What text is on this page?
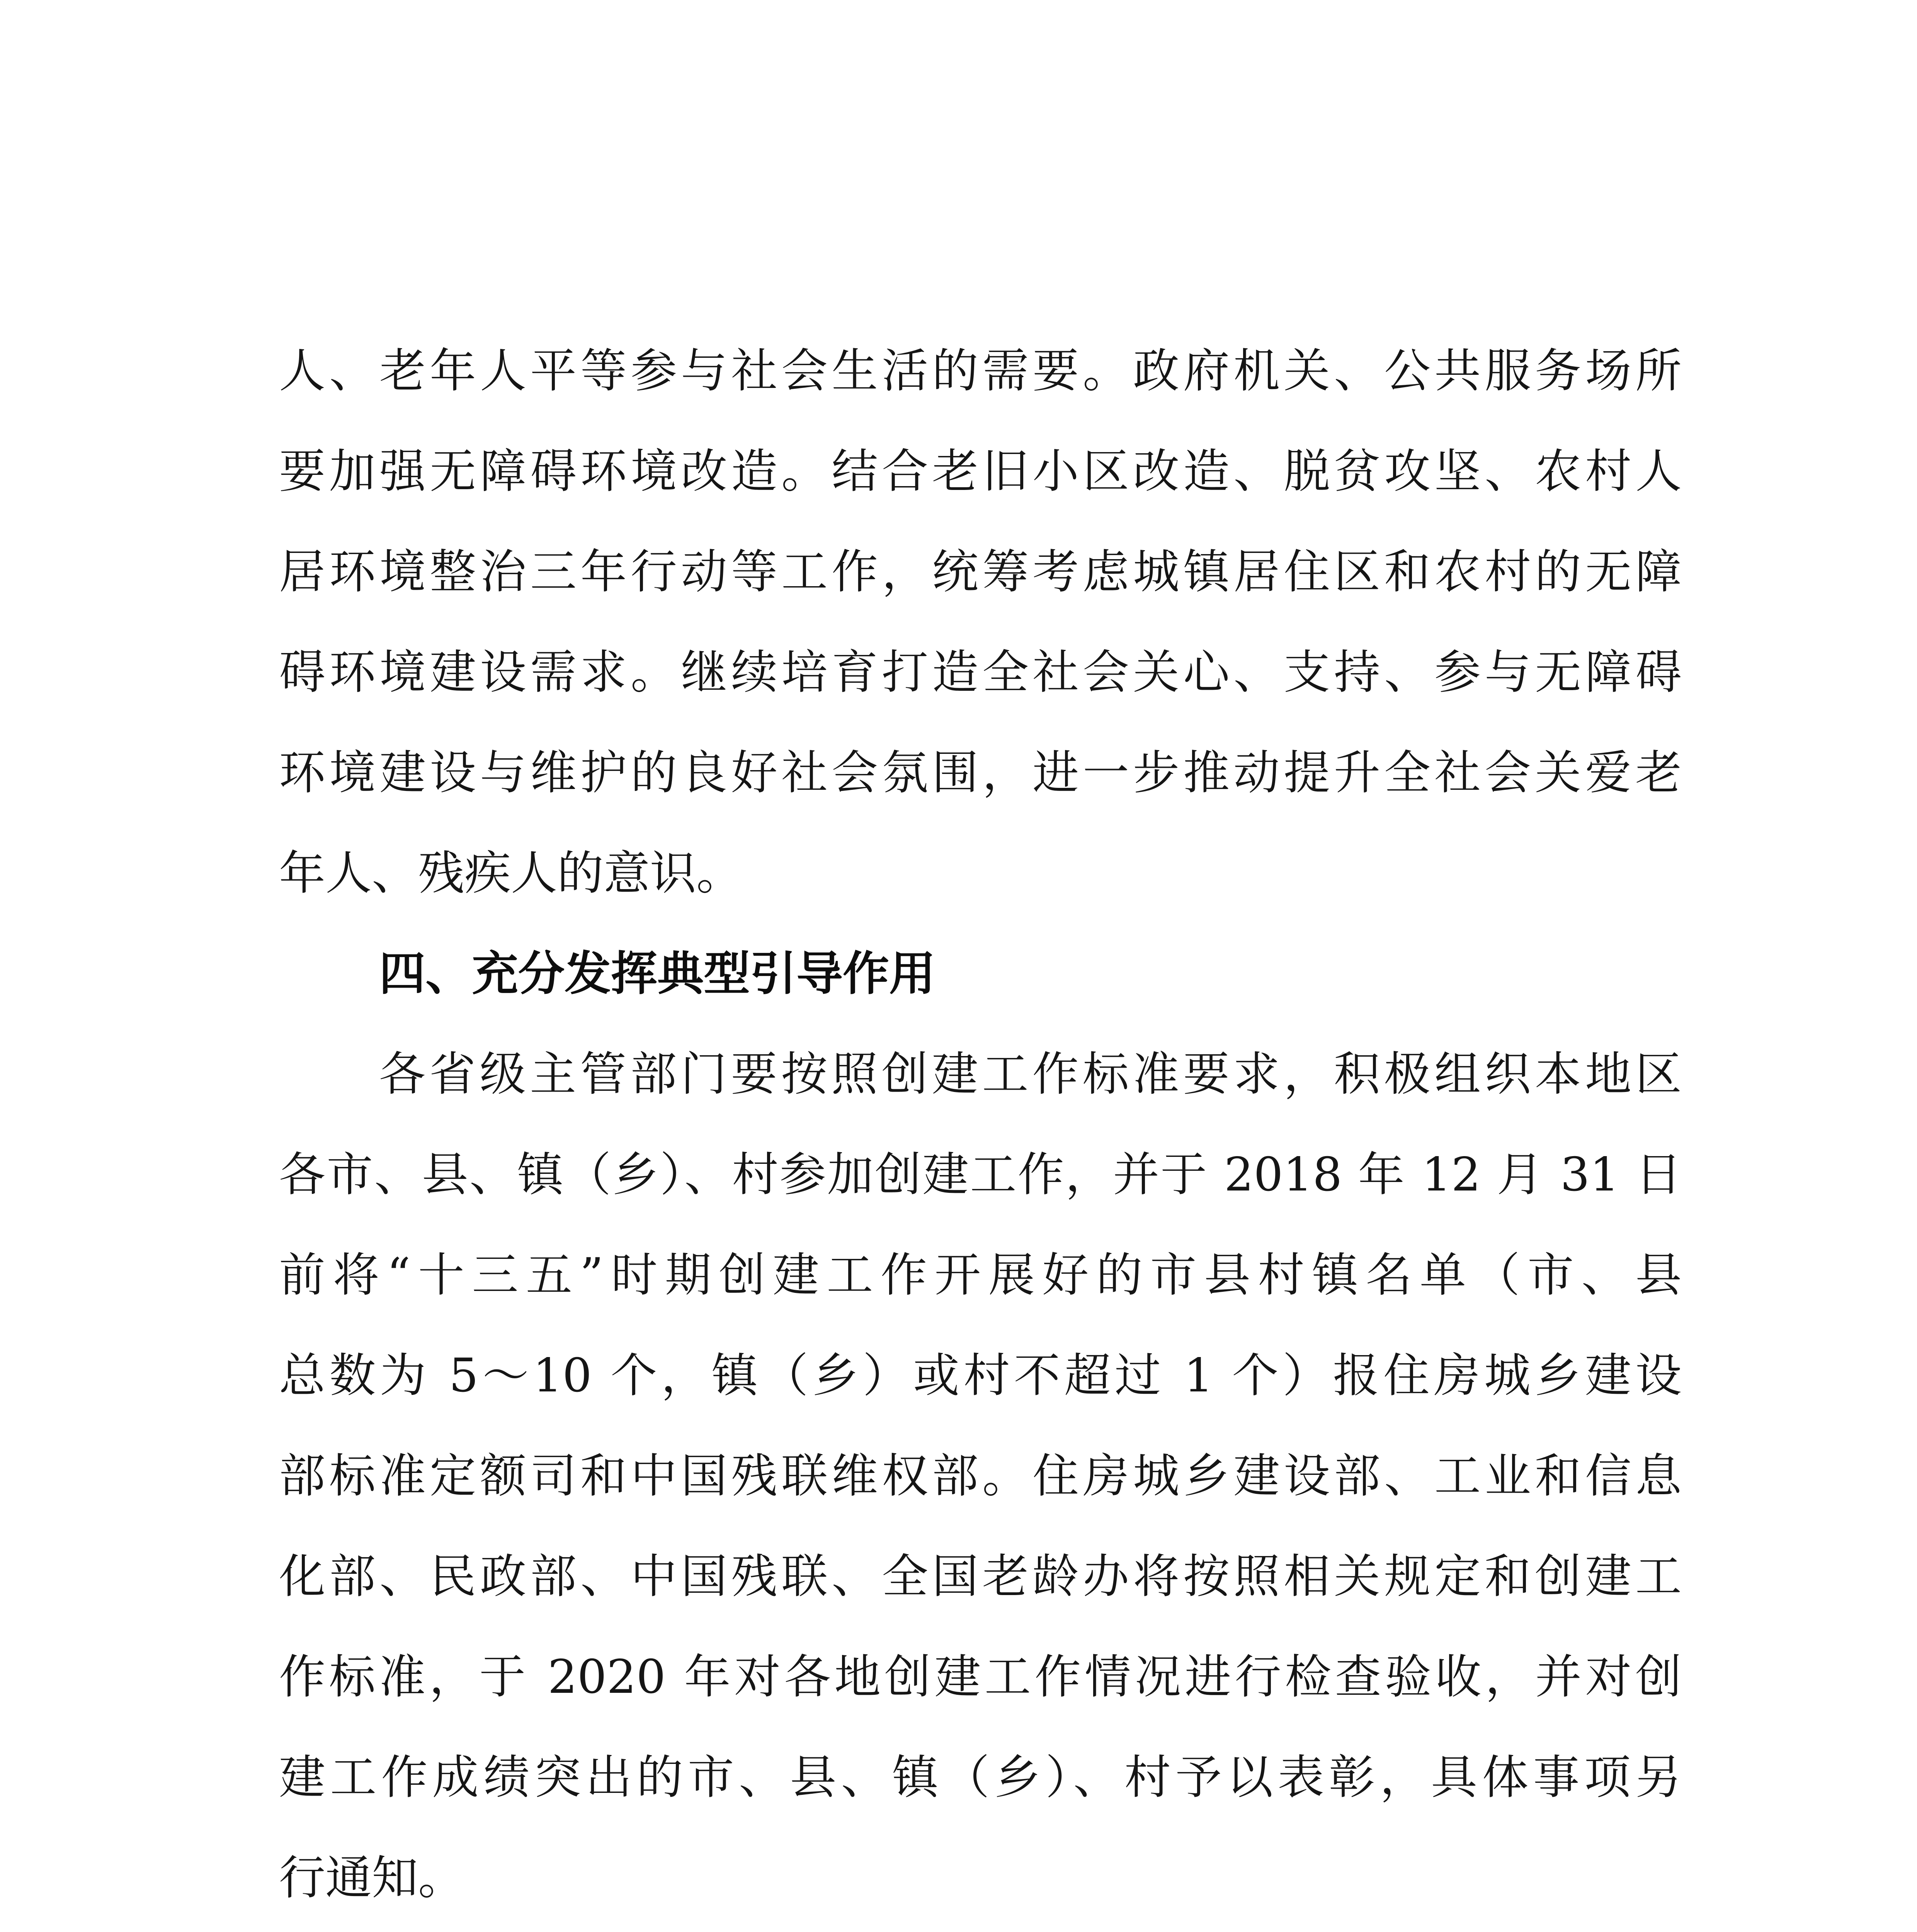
人、老年人平等参与社会生活的需要。政府机关、公共服务场所
要加强无障碍环境改造。结合老旧小区改造、脱贫攻坚、农村人
居环境整治三年行动等工作，统筹考虑城镇居住区和农村的无障
碍环境建设需求。继续培育打造全社会关心、支持、参与无障碍
环境建设与维护的良好社会氛围，进一步推动提升全社会关爱老
年人、残疾人的意识。
四、充分发挥典型引导作用
各省级主管部门要按照创建工作标准要求，积极组织本地区
各市、县、镇（乡）、村参加创建工作，并于 2018 年 12 月 31 日
前将“十三五”时期创建工作开展好的市县村镇名单（市、县
总数为 5～10 个，镇（乡）或村不超过 1 个）报住房城乡建设
部标准定额司和中国残联维权部。住房城乡建设部、工业和信息
化部、民政部、中国残联、全国老龄办将按照相关规定和创建工
作标准，于 2020 年对各地创建工作情况进行检查验收，并对创
建工作成绩突出的市、县、镇（乡）、村予以表彰，具体事项另
行通知。
